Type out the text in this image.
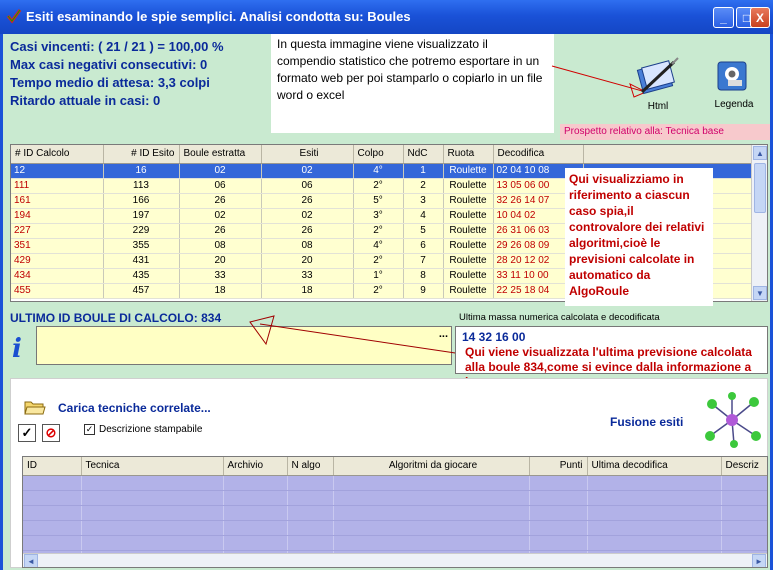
Esiti esaminando le spie semplici. Analisi condotta su: Boules	_	□ X
Casi vincenti: ( 21 / 21 ) = 100,00 %
Max casi negativi consecutivi: 0
Tempo medio di attesa: 3,3 colpi
Ritardo attuale in casi: 0
In questa immagine viene visualizzato il compendio statistico che potremo esportare in un formato web per poi stamparlo o copiarlo in un file word o excel
Html	Legenda
Prospetto relativo alla: Tecnica base
# ID Calcolo	# ID Esito	Boule estratta	Esiti	Colpo	NdC	Ruota	Decodifica	
12	16	02	02	4°	1	Roulette	02 04 10 08	
111	113	06	06	2°	2	Roulette	13 05 06 00	
161	166	26	26	5°	3	Roulette	32 26 14 07	
194	197	02	02	3°	4	Roulette	10 04 02	
227	229	26	26	2°	5	Roulette	26 31 06 03	
351	355	08	08	4°	6	Roulette	29 26 08 09	
429	431	20	20	2°	7	Roulette	28 20 12 02	
434	435	33	33	1°	8	Roulette	33 11 10 00	
455	457	18	18	2°	9	Roulette	22 25 18 04	
▲
▼
Qui visualizziamo in riferimento a ciascun caso spia,il controvalore dei relativi algoritmi,cioè le previsioni calcolate in automatico da AlgoRoule
ULTIMO ID BOULE DI CALCOLO: 834	Ultima massa numerica calcolata e decodificata
i	... 14 32 16 00
Qui viene visualizzata l'ultima previsione calcolata alla boule 834,come si evince dalla informazione a
Carica tecniche correlate...
✓ ⊘	✓ Descrizione stampabile
Fusione esiti
ID	Tecnica	Archivio	N algo	Algoritmi da giocare	Punti	Ultima decodifica	Descriz

◄	►
